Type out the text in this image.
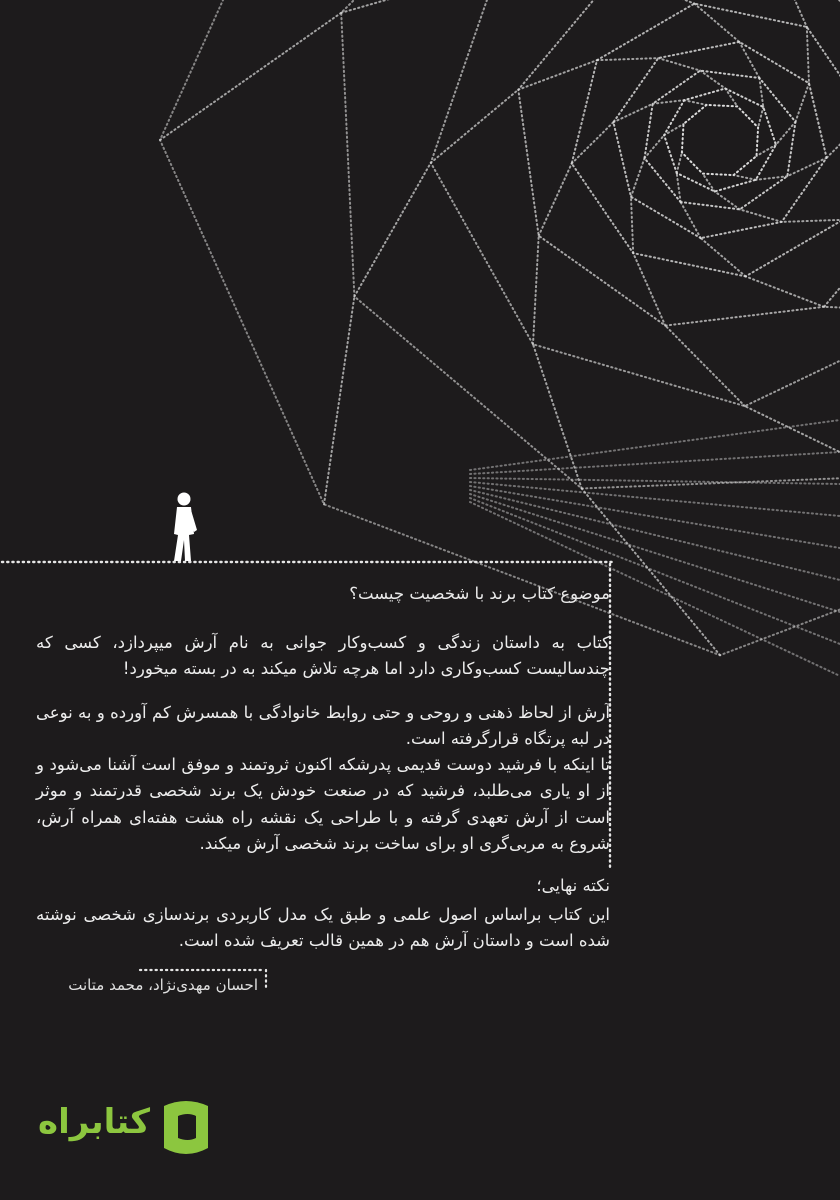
موضوع کتاب برند با شخصیت چیست؟

کتاب به داستان زندگی و کسب‌وکار جوانی به نام آرش میپردازد، کسی که چندسالیست کسب‌وکاری دارد اما هرچه تلاش میکند به در بسته میخورد!

آرش از لحاظ ذهنی و روحی و حتی روابط خانوادگی با همسرش کم آورده و به نوعی در لبه پرتگاه قرارگرفته است.

تا اینکه با فرشید دوست قدیمی پدرشکه اکنون ثروتمند و موفق است آشنا می‌شود و از او یاری می‌طلبد، فرشید که در صنعت خودش یک برند شخصی قدرتمند و موثر است از آرش تعهدی گرفته و با طراحی یک نقشه راه هشت هفته‌ای همراه آرش، شروع به مربی‌گری او برای ساخت برند شخصی آرش میکند.

نکته نهایی؛

این کتاب براساس اصول علمی و طبق یک مدل کاربردی برندسازی شخصی نوشته شده است و داستان آرش هم در همین قالب تعریف شده است.

احسان مهدی‌نژاد، محمد متانت
کتابراه
